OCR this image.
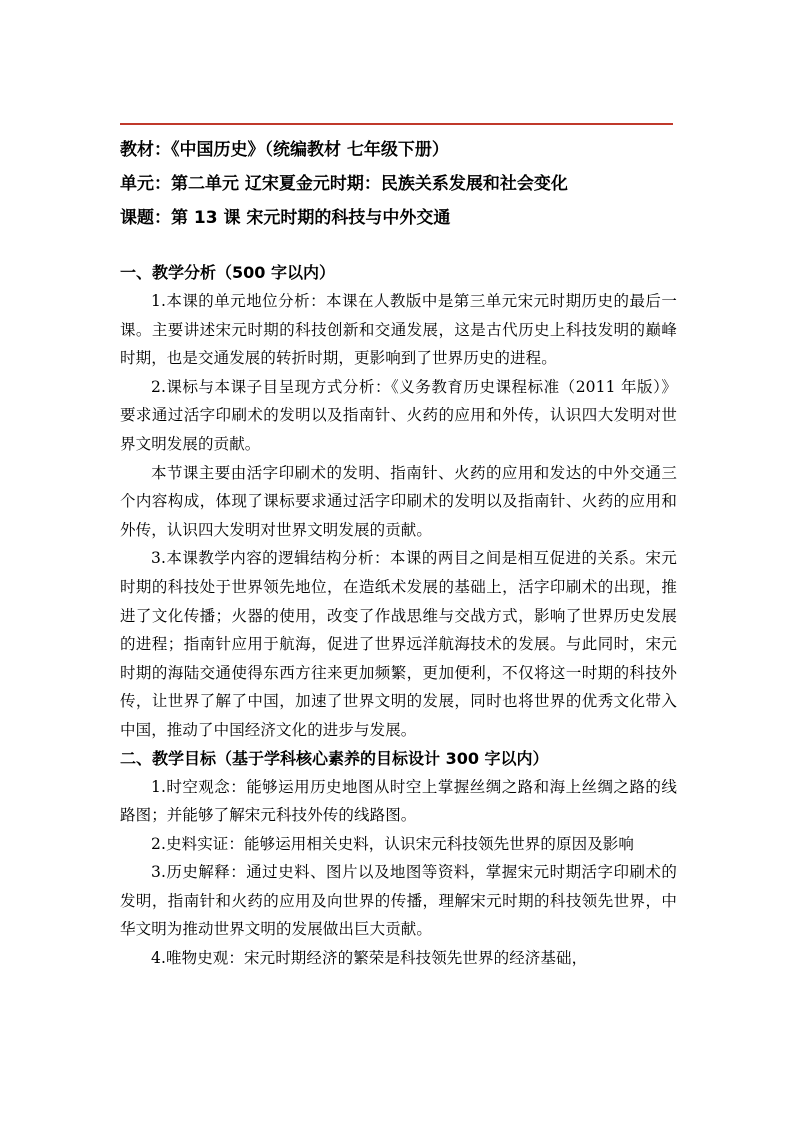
教材：《中国历史》（统编教材 七年级下册）
单元：第二单元 辽宋夏金元时期：民族关系发展和社会变化
课题：第 13 课 宋元时期的科技与中外交通
一、教学分析（500 字以内）

1.本课的单元地位分析：本课在人教版中是第三单元宋元时期历史的最后一课。主要讲述宋元时期的科技创新和交通发展，这是古代历史上科技发明的巅峰时期，也是交通发展的转折时期，更影响到了世界历史的进程。

2.课标与本课子目呈现方式分析：《义务教育历史课程标准（2011 年版）》要求通过活字印刷术的发明以及指南针、火药的应用和外传，认识四大发明对世界文明发展的贡献。

本节课主要由活字印刷术的发明、指南针、火药的应用和发达的中外交通三个内容构成，体现了课标要求通过活字印刷术的发明以及指南针、火药的应用和外传，认识四大发明对世界文明发展的贡献。

3.本课教学内容的逻辑结构分析：本课的两目之间是相互促进的关系。宋元时期的科技处于世界领先地位，在造纸术发展的基础上，活字印刷术的出现，推进了文化传播；火器的使用，改变了作战思维与交战方式，影响了世界历史发展的进程；指南针应用于航海，促进了世界远洋航海技术的发展。与此同时，宋元时期的海陆交通使得东西方往来更加频繁，更加便利，不仅将这一时期的科技外传，让世界了解了中国，加速了世界文明的发展，同时也将世界的优秀文化带入中国，推动了中国经济文化的进步与发展。

二、教学目标（基于学科核心素养的目标设计 300 字以内）

1.时空观念：能够运用历史地图从时空上掌握丝绸之路和海上丝绸之路的线路图；并能够了解宋元科技外传的线路图。

2.史料实证：能够运用相关史料，认识宋元科技领先世界的原因及影响

3.历史解释：通过史料、图片以及地图等资料，掌握宋元时期活字印刷术的发明，指南针和火药的应用及向世界的传播，理解宋元时期的科技领先世界，中华文明为推动世界文明的发展做出巨大贡献。

4.唯物史观：宋元时期经济的繁荣是科技领先世界的经济基础，
